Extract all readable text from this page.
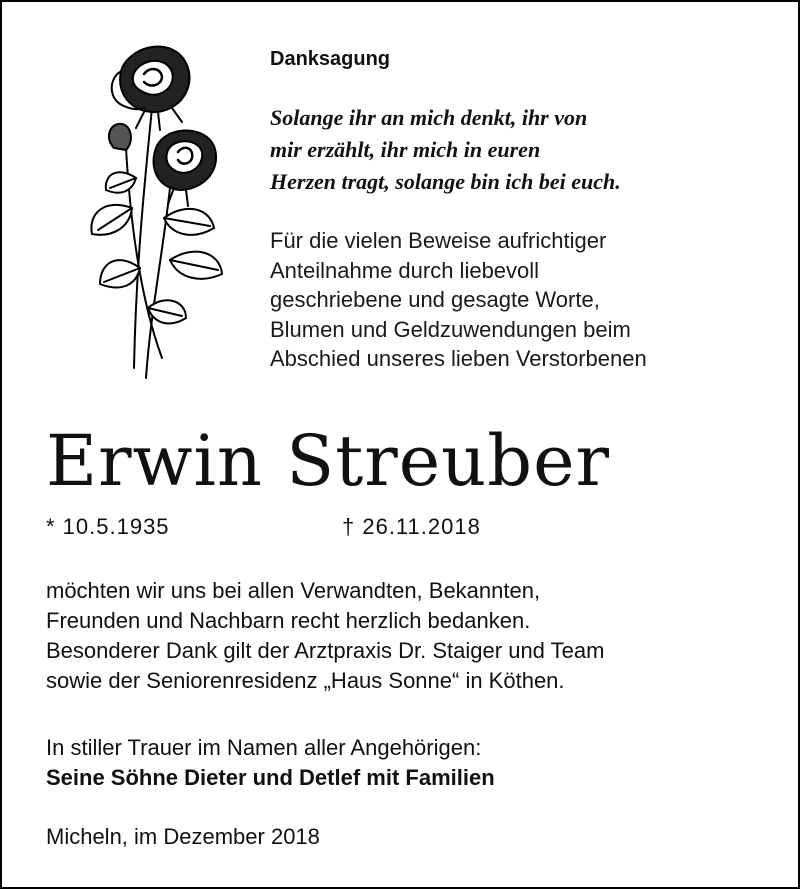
Danksagung
Solange ihr an mich denkt, ihr von
mir erzählt, ihr mich in euren
Herzen tragt, solange bin ich bei euch.
Für die vielen Beweise aufrichtiger
Anteilnahme durch liebevoll
geschriebene und gesagte Worte,
Blumen und Geldzuwendungen beim
Abschied unseres lieben Verstorbenen
Erwin Streuber
* 10.5.1935	† 26.11.2018
möchten wir uns bei allen Verwandten, Bekannten,
Freunden und Nachbarn recht herzlich bedanken.
Besonderer Dank gilt der Arztpraxis Dr. Staiger und Team
sowie der Seniorenresidenz „Haus Sonne“ in Köthen.
In stiller Trauer im Namen aller Angehörigen:
Seine Söhne Dieter und Detlef mit Familien
Micheln, im Dezember 2018
